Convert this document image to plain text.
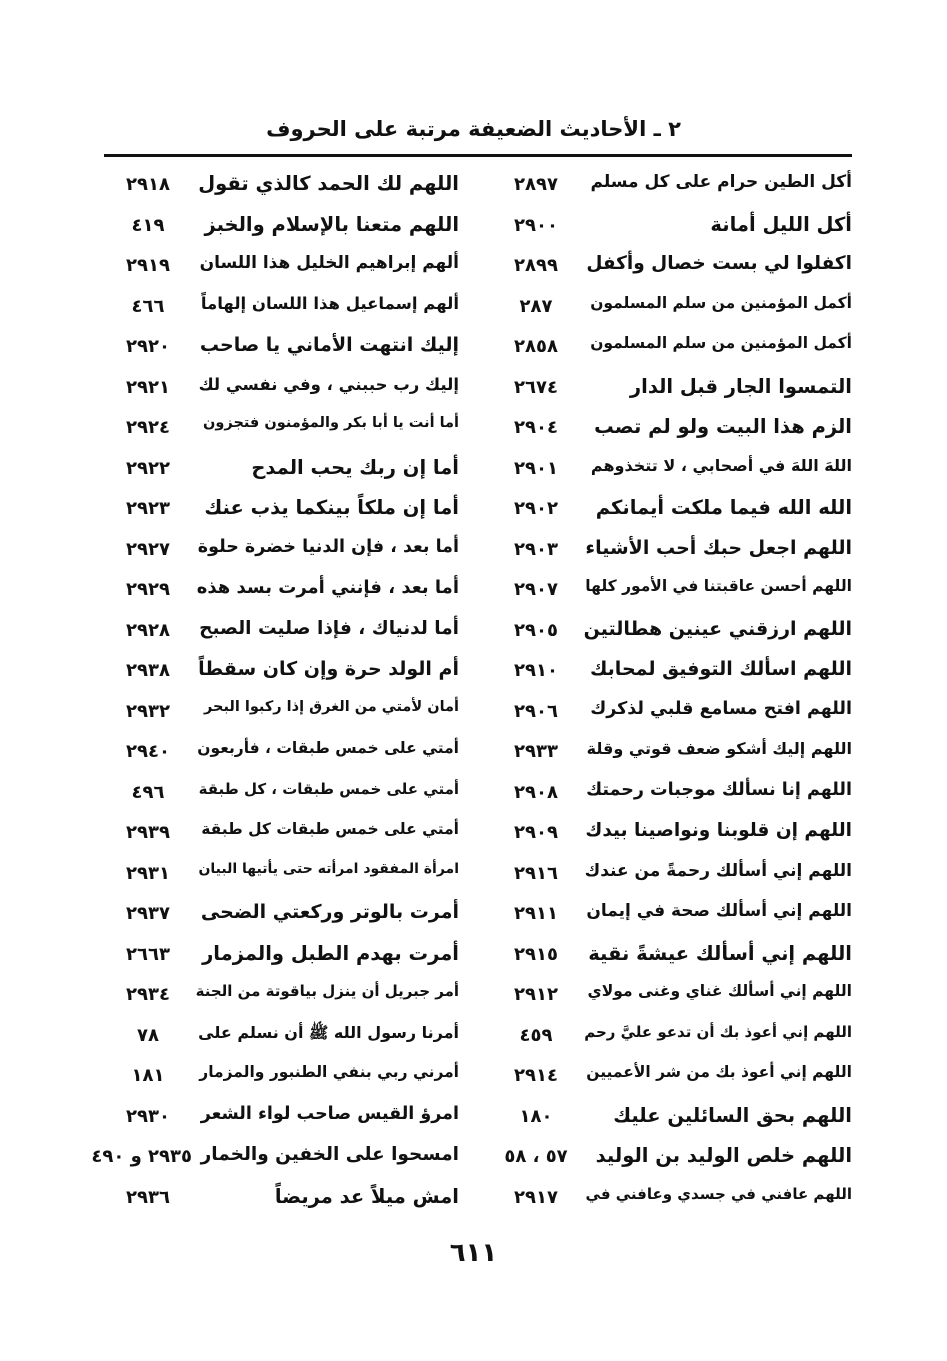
٢ ـ الأحاديث الضعيفة مرتبة على الحروف
أكل الطين حرام على كل مسلم
٢٨٩٧
أكل الليل أمانة
٢٩٠٠
اكفلوا لي بست خصال وأكفل
٢٨٩٩
أكمل المؤمنين من سلم المسلمون
٢٨٧
أكمل المؤمنين من سلم المسلمون
٢٨٥٨
التمسوا الجار قبل الدار
٢٦٧٤
الزم هذا البيت ولو لم تصب
٢٩٠٤
اللهَ اللهَ في أصحابي ، لا تتخذوهم
٢٩٠١
الله الله فيما ملكت أيمانكم
٢٩٠٢
اللهم اجعل حبك أحب الأشياء
٢٩٠٣
اللهم أحسن عاقبتنا في الأمور كلها
٢٩٠٧
اللهم ارزقني عينين هطالتين
٢٩٠٥
اللهم اسألك التوفيق لمحابك
٢٩١٠
اللهم افتح مسامع قلبي لذكرك
٢٩٠٦
اللهم إليك أشكو ضعف قوتي وقلة
٢٩٣٣
اللهم إنا نسألك موجبات رحمتك
٢٩٠٨
اللهم إن قلوبنا ونواصينا بيدك
٢٩٠٩
اللهم إني أسألك رحمةً من عندك
٢٩١٦
اللهم إني أسألك صحة في إيمان
٢٩١١
اللهم إني أسألك عيشةً نقية
٢٩١٥
اللهم إني أسألك غناي وغنى مولاي
٢٩١٢
اللهم إني أعوذ بك أن تدعو عليَّ رحم
٤٥٩
اللهم إني أعوذ بك من شر الأعميين
٢٩١٤
اللهم بحق السائلين عليك
١٨٠
اللهم خلص الوليد بن الوليد
٥٧ ، ٥٨
اللهم عافني في جسدي وعافني في
٢٩١٧
اللهم لك الحمد كالذي تقول
٢٩١٨
اللهم متعنا بالإسلام والخبز
٤١٩
ألهم إبراهيم الخليل هذا اللسان
٢٩١٩
ألهم إسماعيل هذا اللسان إلهاماً
٤٦٦
إليك انتهت الأماني يا صاحب
٢٩٢٠
إليك رب حببني ، وفي نفسي لك
٢٩٢١
أما أنت يا أبا بكر والمؤمنون فتجزون
٢٩٢٤
أما إن ربك يحب المدح
٢٩٢٢
أما إن ملكاً بينكما يذب عنك
٢٩٢٣
أما بعد ، فإن الدنيا خضرة حلوة
٢٩٢٧
أما بعد ، فإنني أمرت بسد هذه
٢٩٢٩
أما لدنياك ، فإذا صليت الصبح
٢٩٢٨
أم الولد حرة وإن كان سقطاً
٢٩٣٨
أمان لأمتي من الغرق إذا ركبوا البحر
٢٩٣٢
أمتي على خمس طبقات ، فأربعون
٢٩٤٠
أمتي على خمس طبقات ، كل طبقة
٤٩٦
أمتي على خمس طبقات كل طبقة
٢٩٣٩
امرأة المفقود امرأته حتى يأتيها البيان
٢٩٣١
أمرت بالوتر وركعتي الضحى
٢٩٣٧
أمرت بهدم الطبل والمزمار
٢٦٦٣
أمر جبريل أن ينزل بياقوتة من الجنة
٢٩٣٤
أمرنا رسول الله ﷺ أن نسلم على
٧٨
أمرني ربي بنفي الطنبور والمزمار
١٨١
امرؤ القيس صاحب لواء الشعر
٢٩٣٠
امسحوا على الخفين والخمار
٢٩٣٥ و ٤٩٠
امش ميلاً عد مريضاً
٢٩٣٦
٦١١
